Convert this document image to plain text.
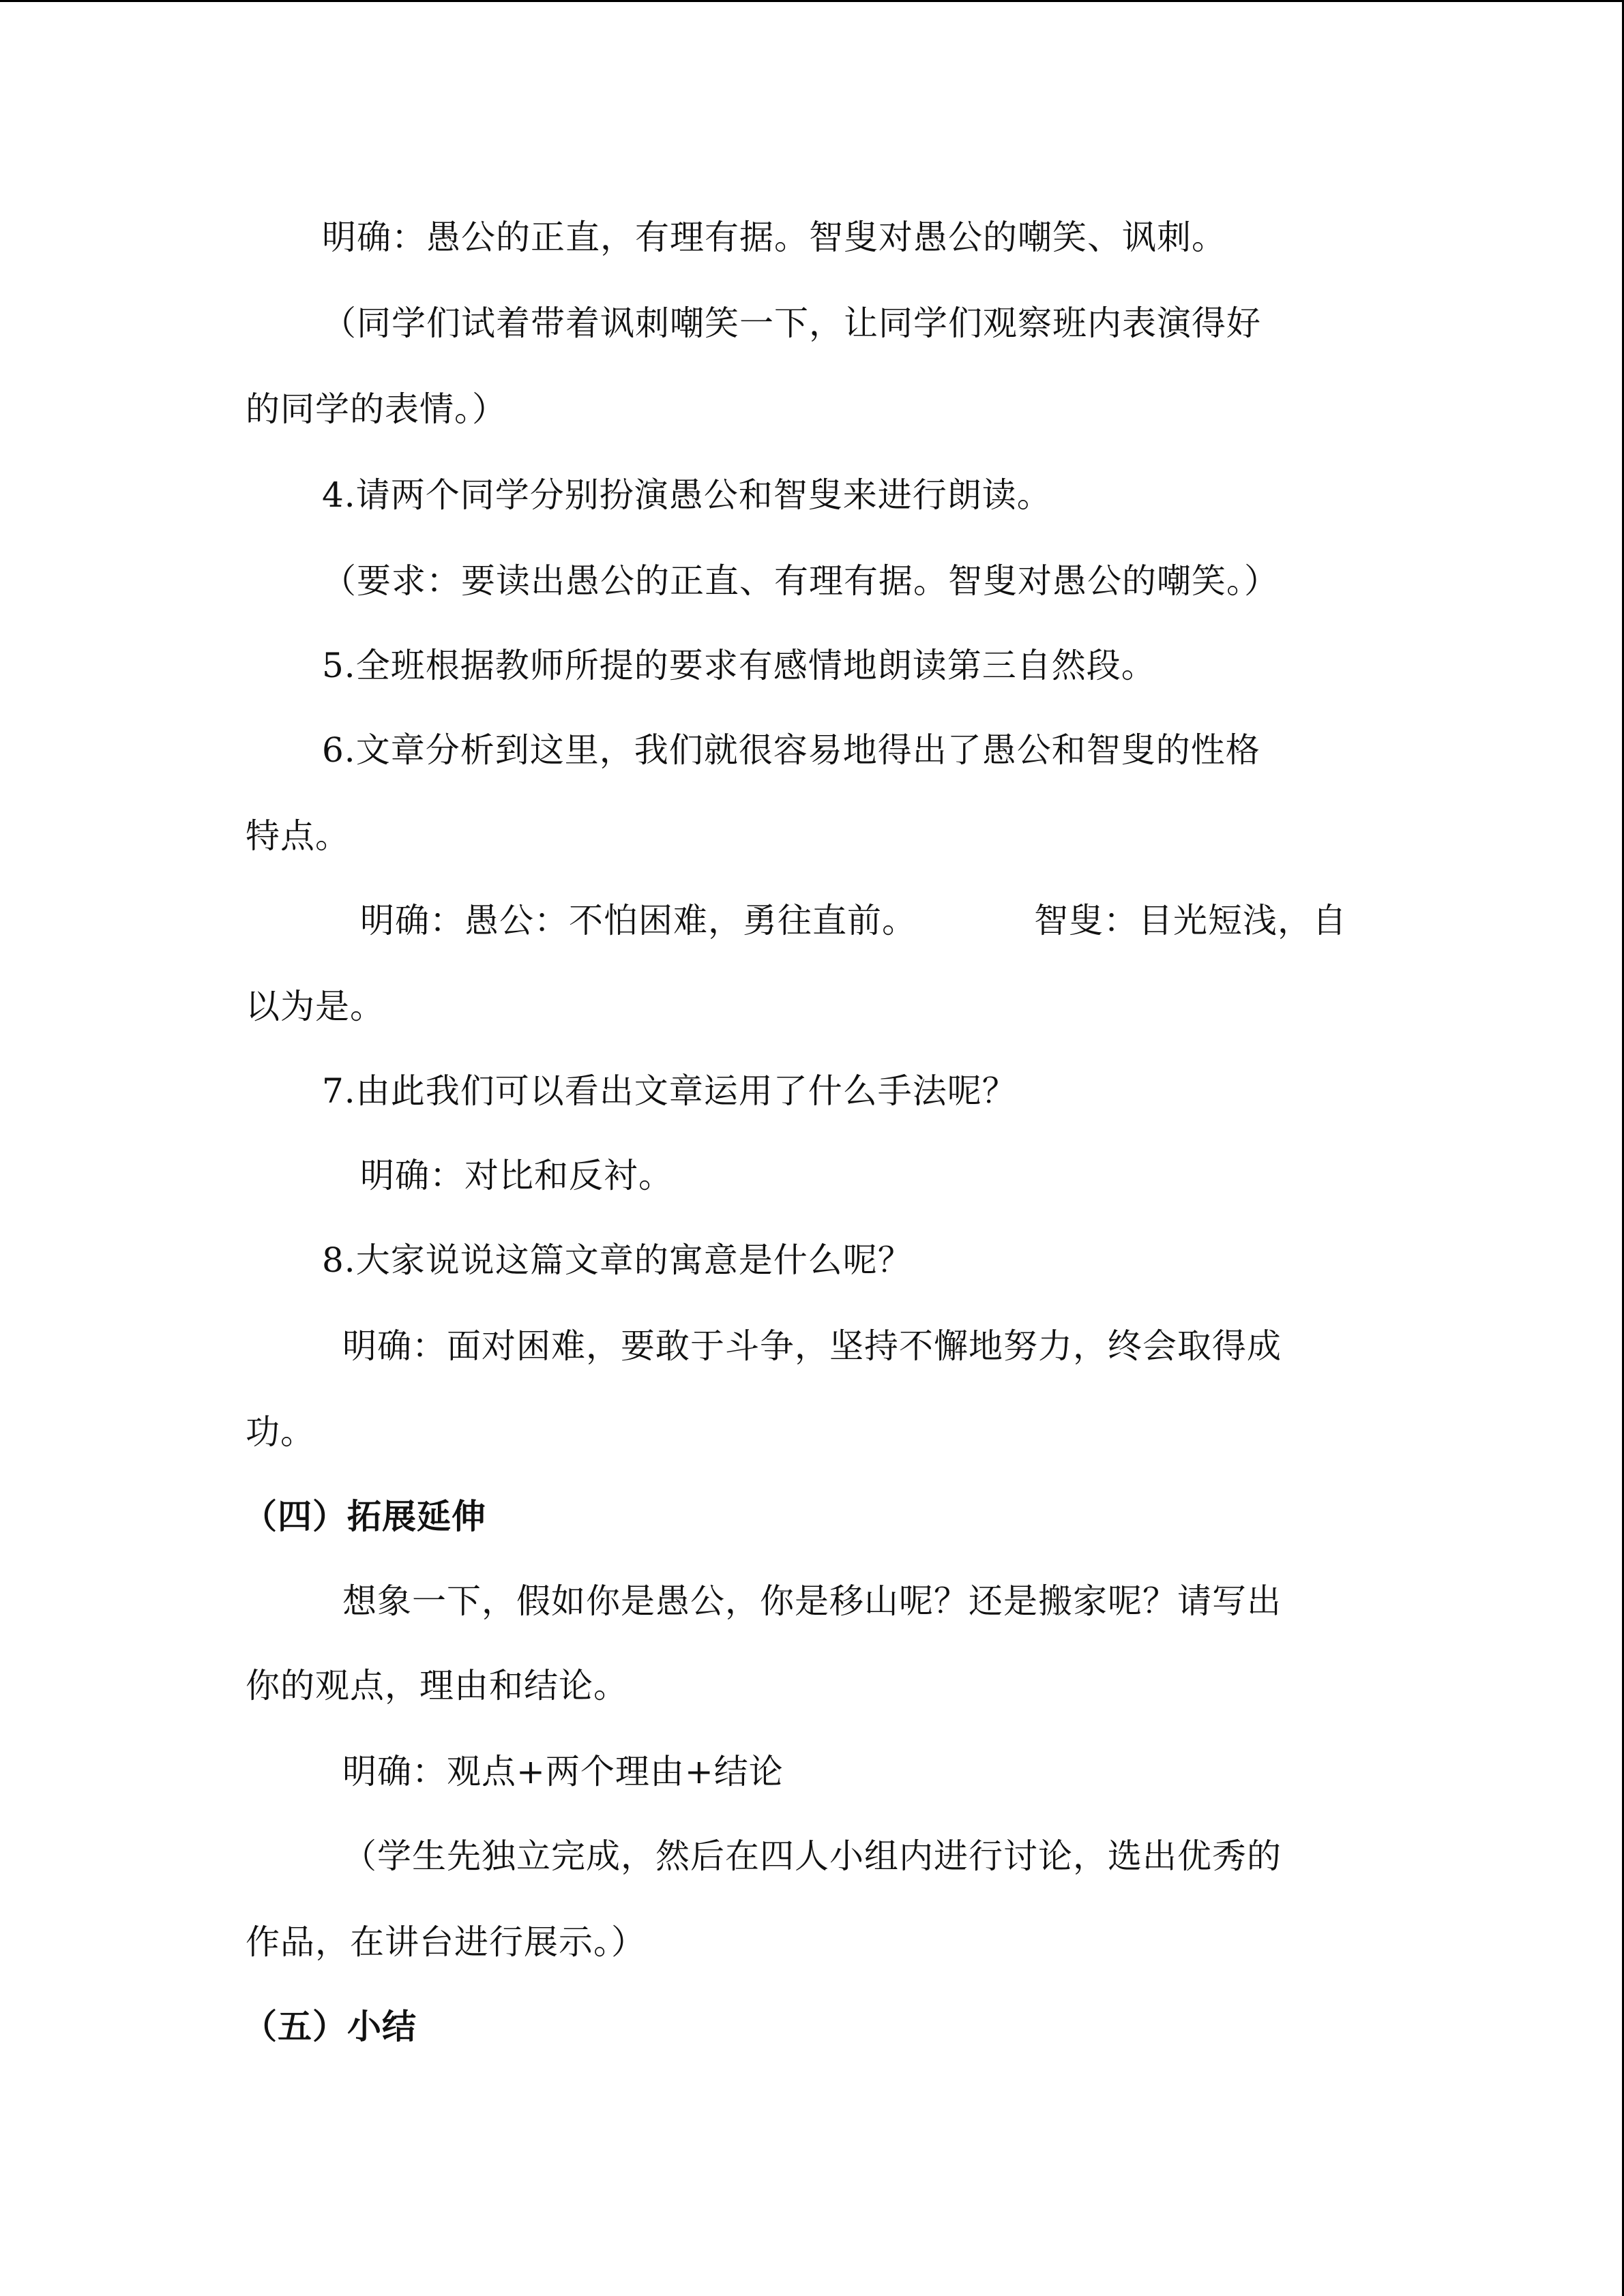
明确：愚公的正直，有理有据。智叟对愚公的嘲笑、讽刺。
（同学们试着带着讽刺嘲笑一下，让同学们观察班内表演得好
的同学的表情。）
4.请两个同学分别扮演愚公和智叟来进行朗读。
（要求：要读出愚公的正直、有理有据。智叟对愚公的嘲笑。）
5.全班根据教师所提的要求有感情地朗读第三自然段。
6.文章分析到这里，我们就很容易地得出了愚公和智叟的性格
特点。
明确：愚公：不怕困难，勇往直前。	智叟：目光短浅，自
以为是。
7.由此我们可以看出文章运用了什么手法呢？
明确：对比和反衬。
8.大家说说这篇文章的寓意是什么呢？
明确：面对困难，要敢于斗争，坚持不懈地努力，终会取得成
功。
（四）拓展延伸
想象一下，假如你是愚公，你是移山呢？还是搬家呢？请写出
你的观点，理由和结论。
明确：观点+两个理由+结论
（学生先独立完成，然后在四人小组内进行讨论，选出优秀的
作品，在讲台进行展示。）
（五）小结
